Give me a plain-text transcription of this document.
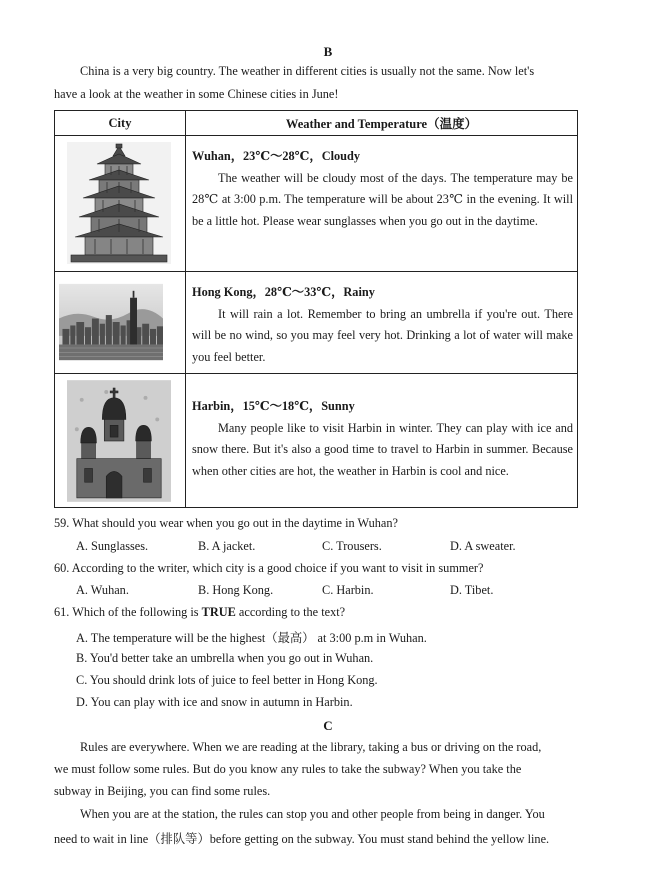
B
China is a very big country. The weather in different cities is usually not the same. Now let's
have a look at the weather in some Chinese cities in June!
City	Weather and Temperature（温度）

Wuhan，23℃～28℃，Cloudy

The weather will be cloudy most of the days. The temperature may be 28℃ at 3:00 p.m. The temperature will be about 23℃ in the evening. It will be a little hot. Please wear sunglasses when you go out in the daytime.

Hong Kong，28℃～33℃，Rainy

It will rain a lot. Remember to bring an umbrella if you're out. There will be no wind, so you may feel very hot. Drinking a lot of water will make you feel better.

Harbin，15℃～18℃，Sunny

Many people like to visit Harbin in winter. They can play with ice and snow there. But it's also a good time to travel to Harbin in summer. Because when other cities are hot, the weather in Harbin is cool and nice.

59. What should you wear when you go out in the daytime in Wuhan?
A. Sunglasses.	B. A jacket.	C. Trousers.	D. A sweater.
60. According to the writer, which city is a good choice if you want to visit in summer?
A. Wuhan.	B. Hong Kong.	C. Harbin.	D. Tibet.
61. Which of the following is TRUE according to the text?
A. The temperature will be the highest（最高） at 3:00 p.m in Wuhan.
B. You'd better take an umbrella when you go out in Wuhan.
C. You should drink lots of juice to feel better in Hong Kong.
D. You can play with ice and snow in autumn in Harbin.
C
Rules are everywhere. When we are reading at the library, taking a bus or driving on the road,
we must follow some rules. But do you know any rules to take the subway? When you take the
subway in Beijing, you can find some rules.
When you are at the station, the rules can stop you and other people from being in danger. You
need to wait in line（排队等）before getting on the subway. You must stand behind the yellow line.
